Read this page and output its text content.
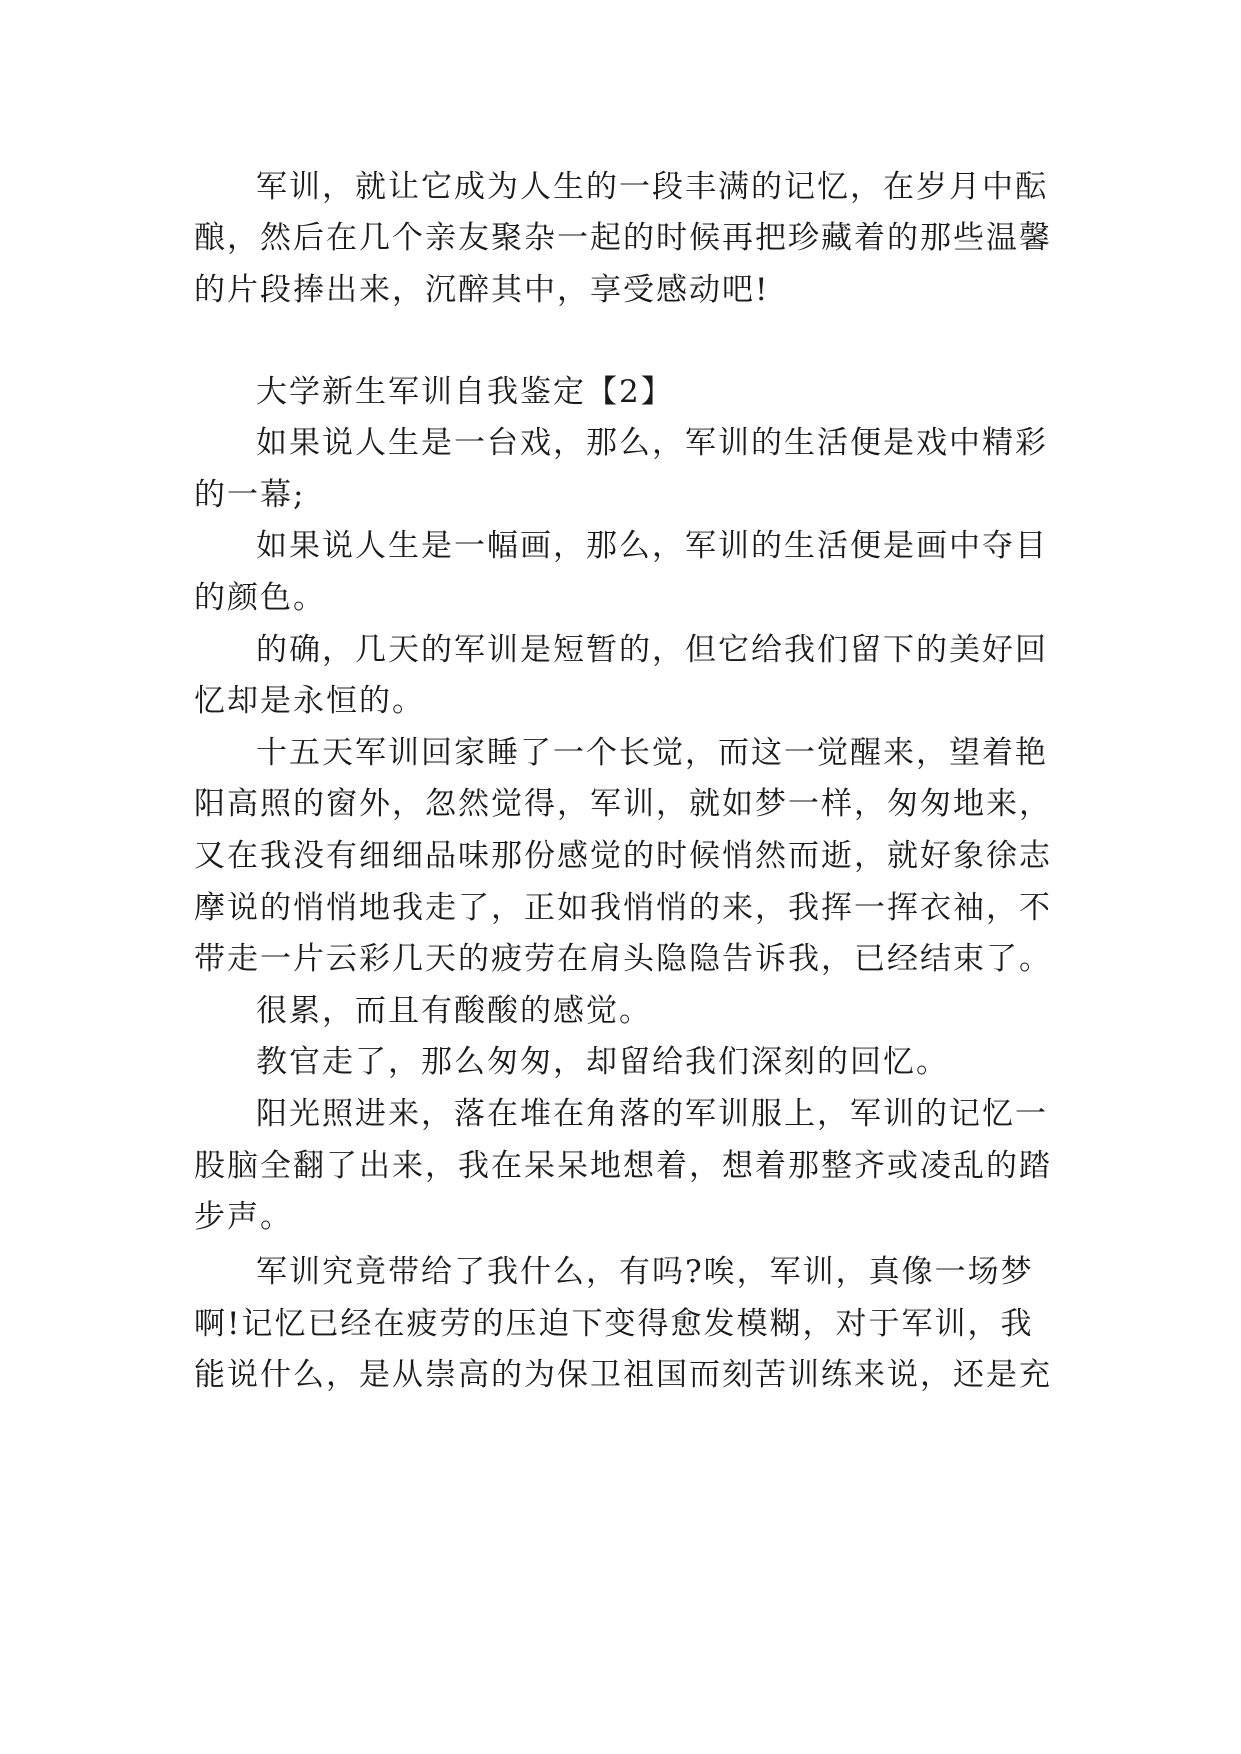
军训，就让它成为人生的一段丰满的记忆，在岁月中酝
酿，然后在几个亲友聚杂一起的时候再把珍藏着的那些温馨
的片段捧出来，沉醉其中，享受感动吧!
大学新生军训自我鉴定【2】
如果说人生是一台戏，那么，军训的生活便是戏中精彩
的一幕;
如果说人生是一幅画，那么，军训的生活便是画中夺目
的颜色。
的确，几天的军训是短暂的，但它给我们留下的美好回
忆却是永恒的。
十五天军训回家睡了一个长觉，而这一觉醒来，望着艳
阳高照的窗外，忽然觉得，军训，就如梦一样，匆匆地来，
又在我没有细细品味那份感觉的时候悄然而逝，就好象徐志
摩说的悄悄地我走了，正如我悄悄的来，我挥一挥衣袖，不
带走一片云彩几天的疲劳在肩头隐隐告诉我，已经结束了。
很累，而且有酸酸的感觉。
教官走了，那么匆匆，却留给我们深刻的回忆。
阳光照进来，落在堆在角落的军训服上，军训的记忆一
股脑全翻了出来，我在呆呆地想着，想着那整齐或凌乱的踏
步声。
军训究竟带给了我什么，有吗?唉，军训，真像一场梦
啊!记忆已经在疲劳的压迫下变得愈发模糊，对于军训，我
能说什么，是从崇高的为保卫祖国而刻苦训练来说，还是充
